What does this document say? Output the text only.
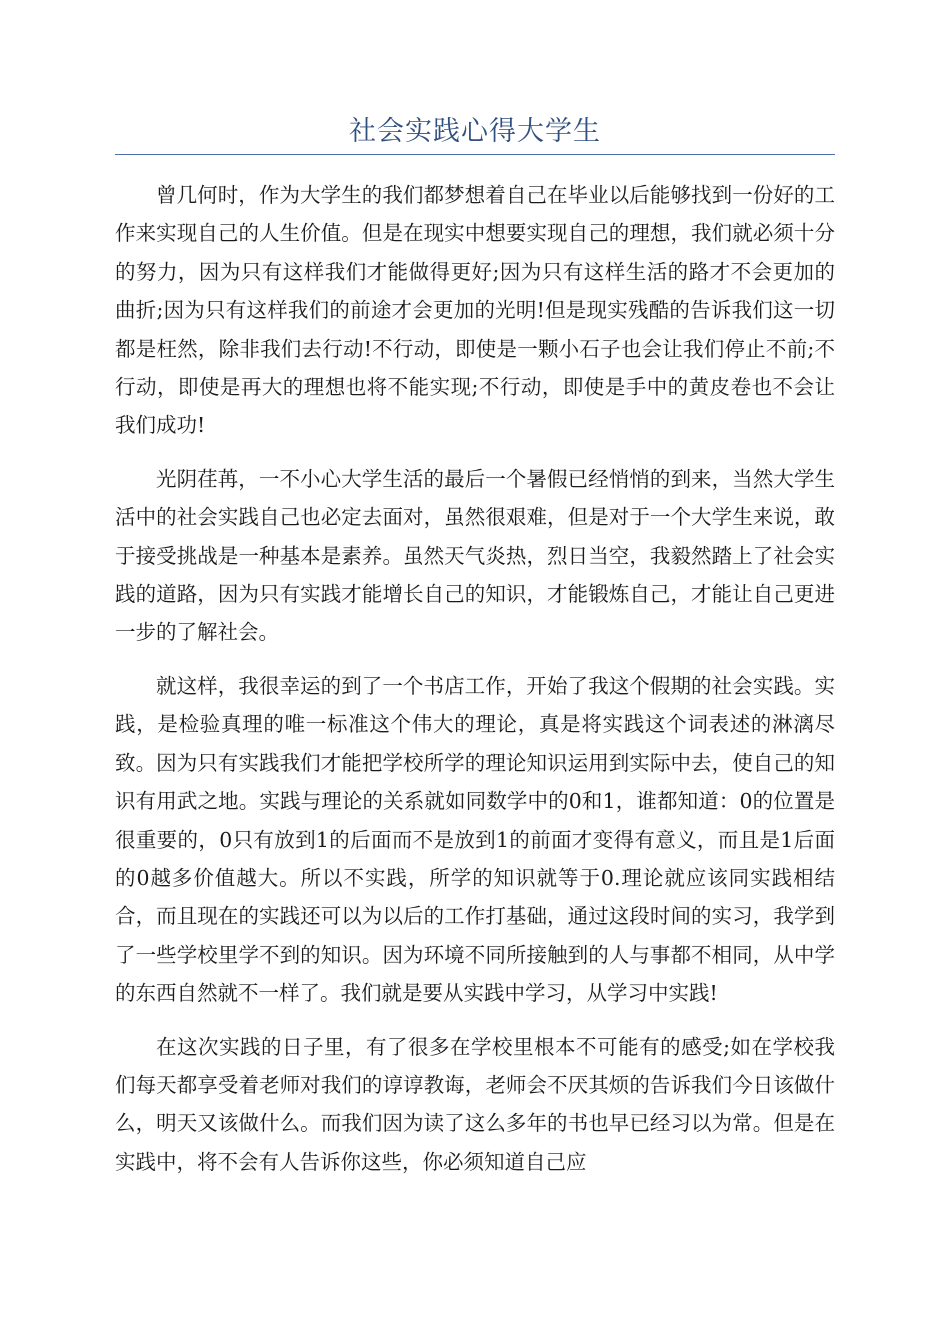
社会实践心得大学生

曾几何时，作为大学生的我们都梦想着自己在毕业以后能够找到一份好的工作来实现自己的人生价值。但是在现实中想要实现自己的理想，我们就必须十分的努力，因为只有这样我们才能做得更好;因为只有这样生活的路才不会更加的曲折;因为只有这样我们的前途才会更加的光明!但是现实残酷的告诉我们这一切都是枉然，除非我们去行动!不行动，即使是一颗小石子也会让我们停止不前;不行动，即使是再大的理想也将不能实现;不行动，即使是手中的黄皮卷也不会让我们成功!

光阴荏苒，一不小心大学生活的最后一个暑假已经悄悄的到来，当然大学生活中的社会实践自己也必定去面对，虽然很艰难，但是对于一个大学生来说，敢于接受挑战是一种基本是素养。虽然天气炎热，烈日当空，我毅然踏上了社会实践的道路，因为只有实践才能增长自己的知识，才能锻炼自己，才能让自己更进一步的了解社会。

就这样，我很幸运的到了一个书店工作，开始了我这个假期的社会实践。实践，是检验真理的唯一标准这个伟大的理论，真是将实践这个词表述的淋漓尽致。因为只有实践我们才能把学校所学的理论知识运用到实际中去，使自己的知识有用武之地。实践与理论的关系就如同数学中的0和1，谁都知道：0的位置是很重要的，0只有放到1的后面而不是放到1的前面才变得有意义，而且是1后面的0越多价值越大。所以不实践，所学的知识就等于0.理论就应该同实践相结合，而且现在的实践还可以为以后的工作打基础，通过这段时间的实习，我学到了一些学校里学不到的知识。因为环境不同所接触到的人与事都不相同，从中学的东西自然就不一样了。我们就是要从实践中学习，从学习中实践!

在这次实践的日子里，有了很多在学校里根本不可能有的感受;如在学校我们每天都享受着老师对我们的谆谆教诲，老师会不厌其烦的告诉我们今日该做什么，明天又该做什么。而我们因为读了这么多年的书也早已经习以为常。但是在实践中，将不会有人告诉你这些，你必须知道自己应
